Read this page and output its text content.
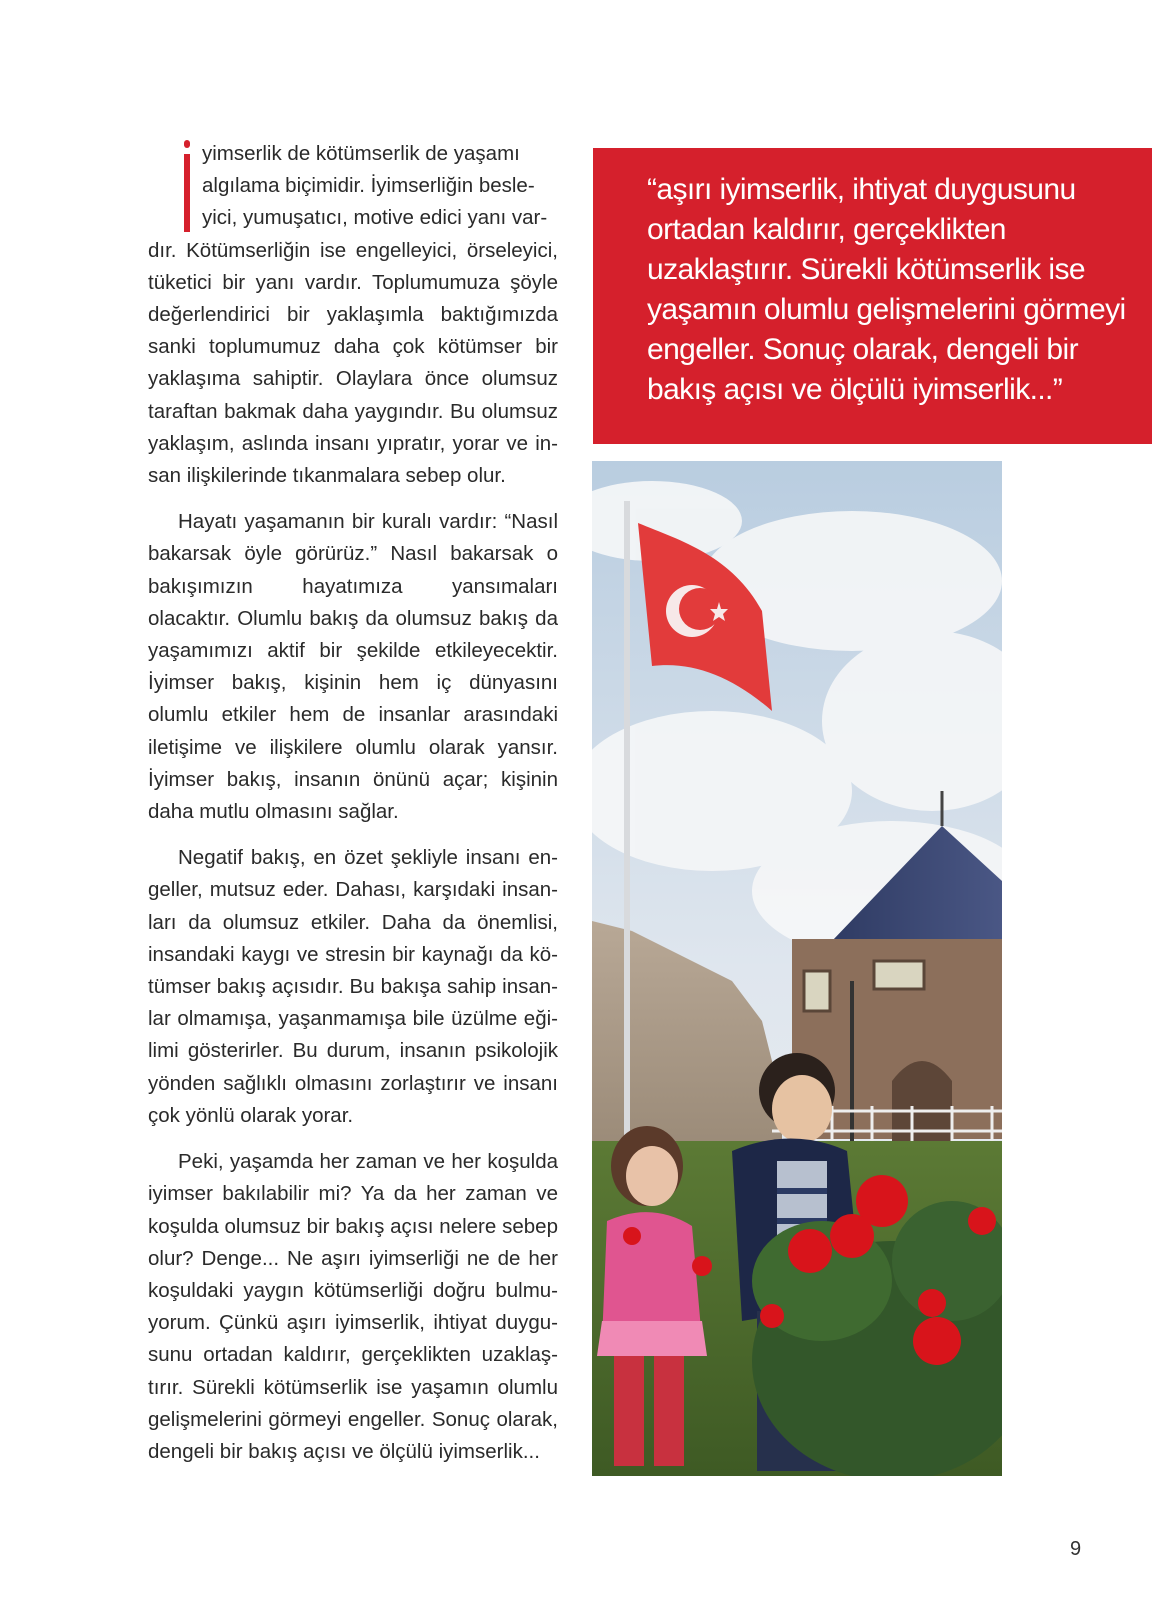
yimserlik de kötümserlik de yaşamı
algılama biçimidir. İyimserliğin besle-
yici, yumuşatıcı, motive edici yanı var-

dır. Kötümserliğin ise engelleyici, örseleyici, tüketici bir yanı vardır. Toplumumuza şöyle değerlendirici bir yaklaşımla baktığımızda sanki toplumumuz daha çok kötümser bir yaklaşıma sahiptir. Olaylara önce olumsuz taraftan bakmak daha yaygındır. Bu olumsuz yaklaşım, aslında insanı yıpratır, yorar ve insan ilişkilerinde tıkanmalara sebep olur.

Hayatı yaşamanın bir kuralı vardır: “Nasıl bakarsak öyle görürüz.” Nasıl bakarsak o bakışımızın hayatımıza yansımaları olacaktır. Olumlu bakış da olumsuz bakış da yaşamımızı aktif bir şekilde etkileyecektir. İyimser bakış, kişinin hem iç dünyasını olumlu etkiler hem de insanlar arasındaki iletişime ve ilişkilere olumlu olarak yansır. İyimser bakış, insanın önünü açar; kişinin daha mutlu olmasını sağlar.

Negatif bakış, en özet şekliyle insanı engeller, mutsuz eder. Dahası, karşıdaki insanları da olumsuz etkiler. Daha da önemlisi, insandaki kaygı ve stresin bir kaynağı da kötümser bakış açısıdır. Bu bakışa sahip insanlar olmamışa, yaşanmamışa bile üzülme eğilimi gösterirler. Bu durum, insanın psikolojik yönden sağlıklı olmasını zorlaştırır ve insanı çok yönlü olarak yorar.

Peki, yaşamda her zaman ve her koşulda iyimser bakılabilir mi? Ya da her zaman ve koşulda olumsuz bir bakış açısı nelere sebep olur? Denge... Ne aşırı iyimserliği ne de her koşuldaki yaygın kötümserliği doğru bulmuyorum. Çünkü aşırı iyimserlik, ihtiyat duygusunu ortadan kaldırır, gerçeklikten uzaklaştırır. Sürekli kötümserlik ise yaşamın olumlu gelişmelerini görmeyi engeller. Sonuç olarak, dengeli bir bakış açısı ve ölçülü iyimserlik...

“aşırı iyimserlik, ihtiyat duygusunu ortadan kaldırır, gerçeklikten uzaklaştırır. Sürekli kötümserlik ise yaşamın olumlu gelişmelerini görmeyi engeller. Sonuç olarak, dengeli bir bakış açısı ve ölçülü iyimserlik...”
9
